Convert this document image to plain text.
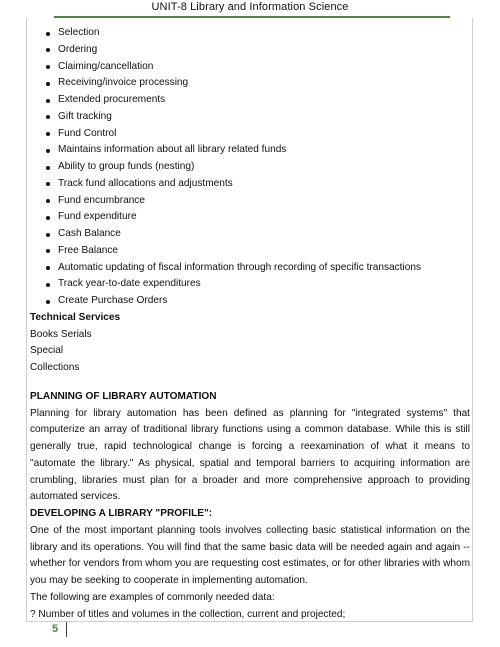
UNIT-8 Library and Information Science
Selection
Ordering
Claiming/cancellation
Receiving/invoice processing
Extended procurements
Gift tracking
Fund Control
Maintains information about all library related funds
Ability to group funds (nesting)
Track fund allocations and adjustments
Fund encumbrance
Fund expenditure
Cash Balance
Free Balance
Automatic updating of fiscal information through recording of specific transactions
Track year-to-date expenditures
Create Purchase Orders
Technical Services
Books Serials
Special
Collections
PLANNING OF LIBRARY AUTOMATION

Planning for library automation has been defined as planning for "integrated systems" that computerize an array of traditional library functions using a common database. While this is still generally true, rapid technological change is forcing a reexamination of what it means to "automate the library." As physical, spatial and temporal barriers to acquiring information are crumbling, libraries must plan for a broader and more comprehensive approach to providing automated services.

DEVELOPING A LIBRARY "PROFILE":

One of the most important planning tools involves collecting basic statistical information on the library and its operations. You will find that the same basic data will be needed again and again -- whether for vendors from whom you are requesting cost estimates, or for other libraries with whom you may be seeking to cooperate in implementing automation.

The following are examples of commonly needed data:
? Number of titles and volumes in the collection, current and projected;
5
